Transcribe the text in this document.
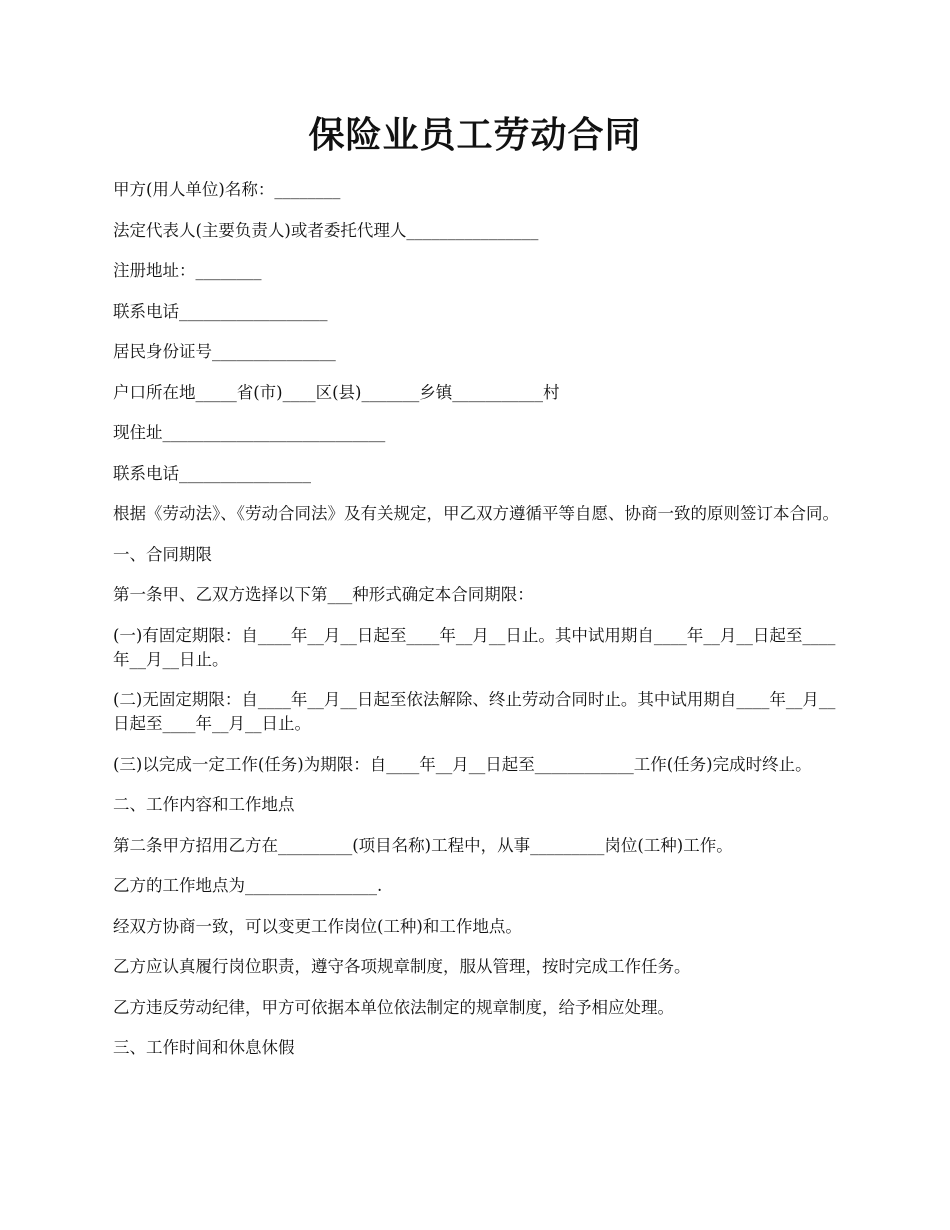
保险业员工劳动合同

甲方(用人单位)名称：________

法定代表人(主要负责人)或者委托代理人________________

注册地址：________

联系电话__________________

居民身份证号_______________

户口所在地_____省(市)____区(县)_______乡镇___________村

现住址___________________________

联系电话________________

根据《劳动法》、《劳动合同法》及有关规定，甲乙双方遵循平等自愿、协商一致的原则签订本合同。

一、合同期限

第一条甲、乙双方选择以下第___种形式确定本合同期限：

(一)有固定期限：自____年__月__日起至____年__月__日止。其中试用期自____年__月__日起至____年__月__日止。

(二)无固定期限：自____年__月__日起至依法解除、终止劳动合同时止。其中试用期自____年__月__日起至____年__月__日止。

(三)以完成一定工作(任务)为期限：自____年__月__日起至____________工作(任务)完成时终止。

二、工作内容和工作地点

第二条甲方招用乙方在_________(项目名称)工程中，从事_________岗位(工种)工作。

乙方的工作地点为________________.

经双方协商一致，可以变更工作岗位(工种)和工作地点。

乙方应认真履行岗位职责，遵守各项规章制度，服从管理，按时完成工作任务。

乙方违反劳动纪律，甲方可依据本单位依法制定的规章制度，给予相应处理。

三、工作时间和休息休假
